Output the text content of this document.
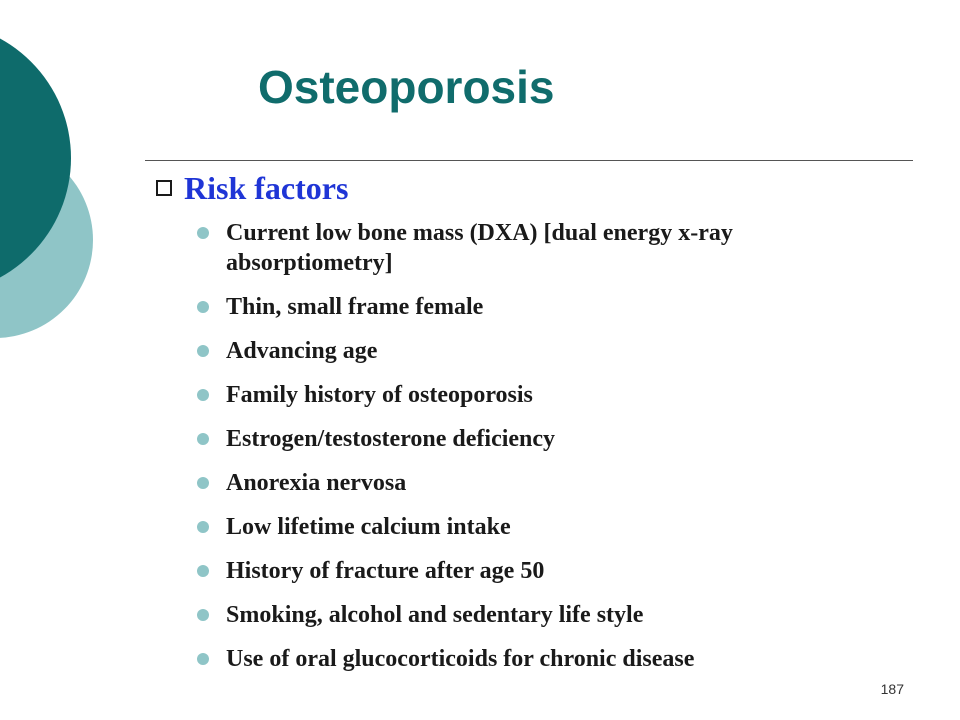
Osteoporosis
Risk factors
Current low bone mass (DXA) [dual energy x-ray absorptiometry]
Thin, small frame female
Advancing age
Family history of osteoporosis
Estrogen/testosterone deficiency
Anorexia nervosa
Low lifetime calcium intake
History of fracture after age 50
Smoking, alcohol and sedentary life style
Use of oral glucocorticoids for chronic disease
187
